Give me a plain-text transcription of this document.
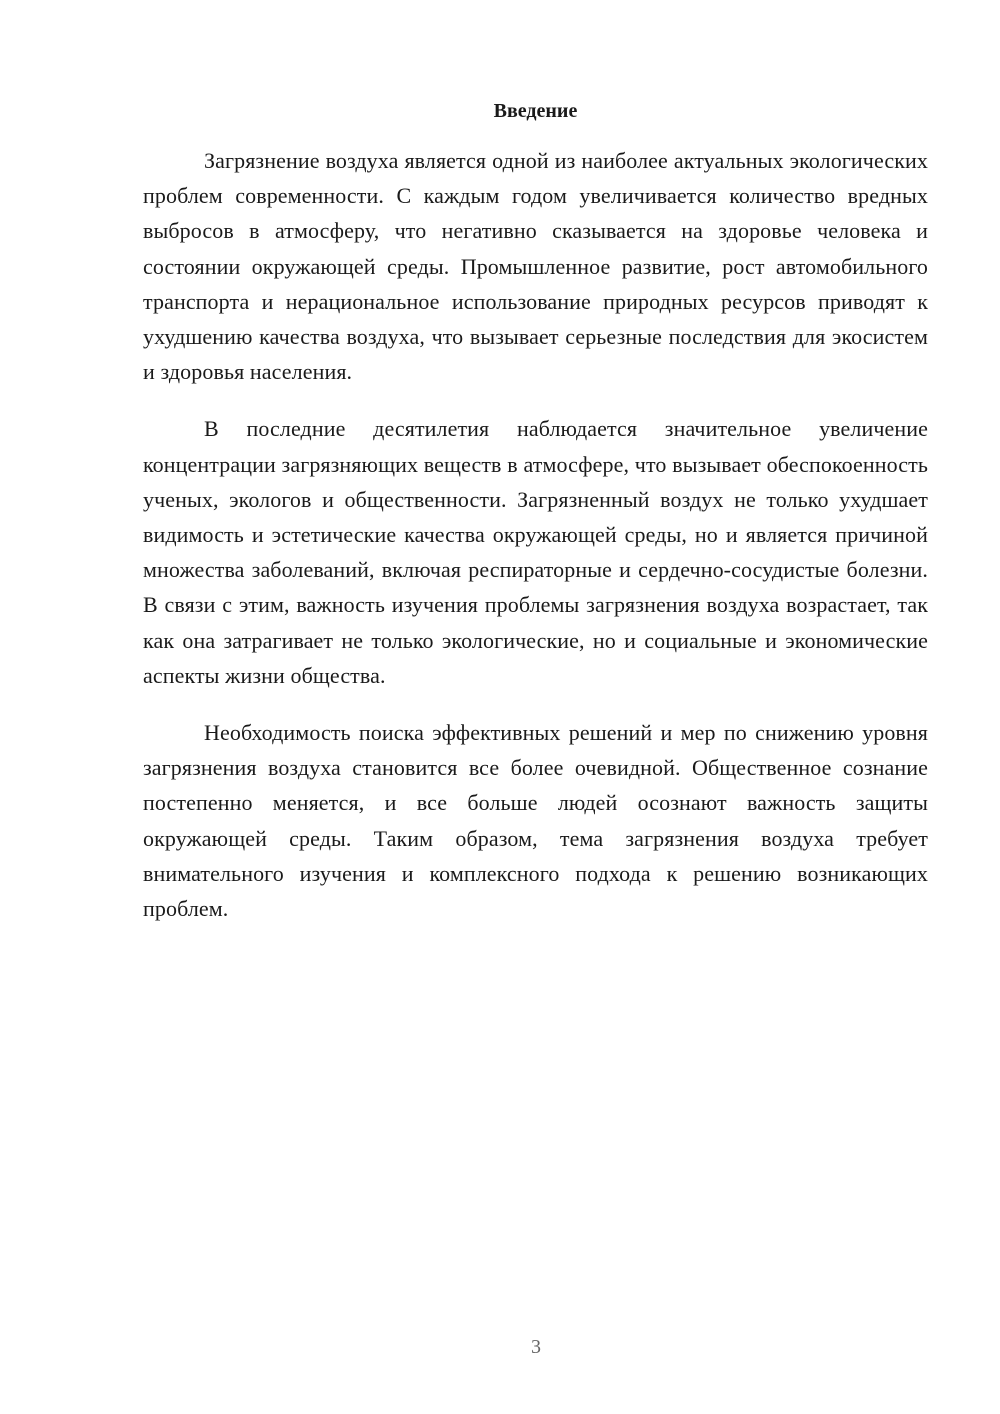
Введение

Загрязнение воздуха является одной из наиболее актуальных экологических проблем современности. С каждым годом увеличивается количество вредных выбросов в атмосферу, что негативно сказывается на здоровье человека и состоянии окружающей среды. Промышленное развитие, рост автомобильного транспорта и нерациональное использование природных ресурсов приводят к ухудшению качества воздуха, что вызывает серьезные последствия для экосистем и здоровья населения.

В последние десятилетия наблюдается значительное увеличение концентрации загрязняющих веществ в атмосфере, что вызывает обеспокоенность ученых, экологов и общественности. Загрязненный воздух не только ухудшает видимость и эстетические качества окружающей среды, но и является причиной множества заболеваний, включая респираторные и сердечно-сосудистые болезни. В связи с этим, важность изучения проблемы загрязнения воздуха возрастает, так как она затрагивает не только экологические, но и социальные и экономические аспекты жизни общества.

Необходимость поиска эффективных решений и мер по снижению уровня загрязнения воздуха становится все более очевидной. Общественное сознание постепенно меняется, и все больше людей осознают важность защиты окружающей среды. Таким образом, тема загрязнения воздуха требует внимательного изучения и комплексного подхода к решению возникающих проблем.

3
